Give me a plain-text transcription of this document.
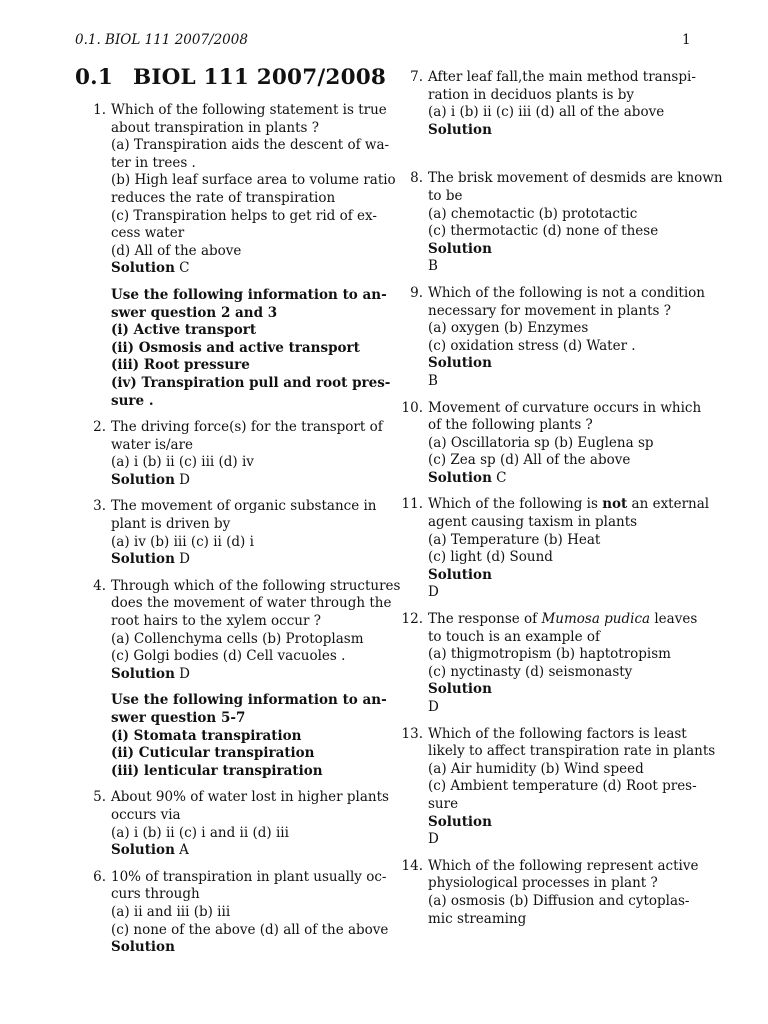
0.1. BIOL 111 2007/2008	1
0.1 BIOL 111 2007/2008
1. Which of the following statement is true
about transpiration in plants ?
(a) Transpiration aids the descent of wa-
ter in trees .
(b) High leaf surface area to volume ratio
reduces the rate of transpiration
(c) Transpiration helps to get rid of ex-
cess water
(d) All of the above
Solution C
Use the following information to an-
swer question 2 and 3
(i) Active transport
(ii) Osmosis and active transport
(iii) Root pressure
(iv) Transpiration pull and root pres-
sure .
2. The driving force(s) for the transport of
water is/are
(a) i (b) ii (c) iii (d) iv
Solution D
3. The movement of organic substance in
plant is driven by
(a) iv (b) iii (c) ii (d) i
Solution D
4. Through which of the following structures
does the movement of water through the
root hairs to the xylem occur ?
(a) Collenchyma cells (b) Protoplasm
(c) Golgi bodies (d) Cell vacuoles .
Solution D
Use the following information to an-
swer question 5-7
(i) Stomata transpiration
(ii) Cuticular transpiration
(iii) lenticular transpiration
5. About 90% of water lost in higher plants
occurs via
(a) i (b) ii (c) i and ii (d) iii
Solution A
6. 10% of transpiration in plant usually oc-
curs through
(a) ii and iii (b) iii
(c) none of the above (d) all of the above
Solution
7. After leaf fall,the main method transpi-
ration in deciduos plants is by
(a) i (b) ii (c) iii (d) all of the above
Solution
8. The brisk movement of desmids are known
to be
(a) chemotactic (b) prototactic
(c) thermotactic (d) none of these
Solution
B
9. Which of the following is not a condition
necessary for movement in plants ?
(a) oxygen (b) Enzymes
(c) oxidation stress (d) Water .
Solution
B
10. Movement of curvature occurs in which
of the following plants ?
(a) Oscillatoria sp (b) Euglena sp
(c) Zea sp (d) All of the above
Solution C
11. Which of the following is not an external
agent causing taxism in plants
(a) Temperature (b) Heat
(c) light (d) Sound
Solution
D
12. The response of Mumosa pudica leaves
to touch is an example of
(a) thigmotropism (b) haptotropism
(c) nyctinasty (d) seismonasty
Solution
D
13. Which of the following factors is least
likely to affect transpiration rate in plants
(a) Air humidity (b) Wind speed
(c) Ambient temperature (d) Root pres-
sure
Solution
D
14. Which of the following represent active
physiological processes in plant ?
(a) osmosis (b) Diffusion and cytoplas-
mic streaming
